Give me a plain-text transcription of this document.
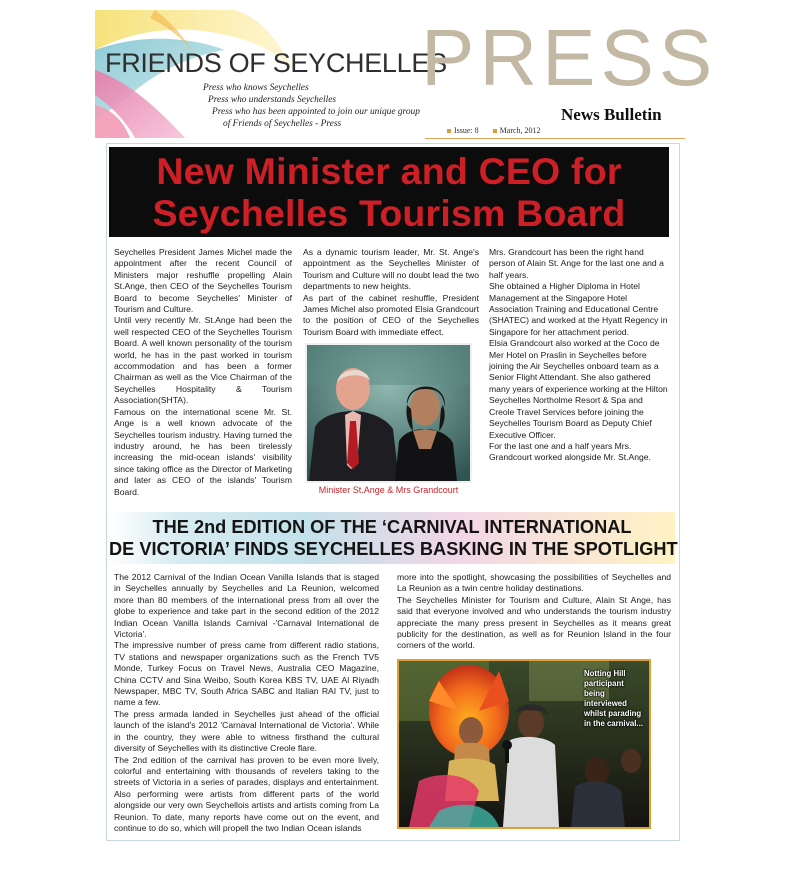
FRIENDS OF SEYCHELLES
PRESS
Press who knows Seychelles
Press who understands Seychelles
Press who has been appointed to join our unique group
of Friends of Seychelles - Press	News Bulletin
Issue: 8	March, 2012
New Minister and CEO for
Seychelles Tourism Board

Seychelles President James Michel made the appointment after the recent Council of Ministers major reshuffle propelling Alain St.Ange, then CEO of the Seychelles Tourism Board to become Seychelles' Minister of Tourism and Culture.

Until very recently Mr. St.Ange had been the well respected CEO of the Seychelles Tourism Board. A well known personality of the tourism world, he has in the past worked in tourism accommodation and has been a former Chairman as well as the Vice Chairman of the Seychelles Hospitality & Tourism Association(SHTA).

Famous on the international scene Mr. St. Ange is a well known advocate of the Seychelles tourism industry. Having turned the industry around, he has been tirelessly increasing the mid-ocean islands' visibility since taking office as the Director of Marketing and later as CEO of the islands' Tourism Board.

As a dynamic tourism leader, Mr. St. Ange's appointment as the Seychelles Minister of Tourism and Culture will no doubt lead the two departments to new heights.

As part of the cabinet reshuffle, President James Michel also promoted Elsia Grandcourt to the position of CEO of the Seychelles Tourism Board with immediate effect.

Minister St.Ange & Mrs Grandcourt

Mrs. Grandcourt has been the right hand person of Alain St. Ange for the last one and a half years.

She obtained a Higher Diploma in Hotel Management at the Singapore Hotel Association Training and Educational Centre (SHATEC) and worked at the Hyatt Regency in Singapore for her attachment period.

Elsia Grandcourt also worked at the Coco de Mer Hotel on Praslin in Seychelles before joining the Air Seychelles onboard team as a Senior Flight Attendant. She also gathered many years of experience working at the Hilton Seychelles Northolme Resort & Spa and Creole Travel Services before joining the Seychelles Tourism Board as Deputy Chief Executive Officer.

For the last one and a half years Mrs. Grandcourt worked alongside Mr. St.Ange.

THE 2nd EDITION OF THE ‘CARNIVAL INTERNATIONAL
DE VICTORIA’ FINDS SEYCHELLES BASKING IN THE SPOTLIGHT

The 2012 Carnival of the Indian Ocean Vanilla Islands that is staged in Seychelles annually by Seychelles and La Reunion, welcomed more than 80 members of the international press from all over the globe to experience and take part in the second edition of the 2012 Indian Ocean Vanilla Islands Carnival -'Carnaval International de Victoria'.

The impressive number of press came from different radio stations, TV stations and newspaper organizations such as the French TV5 Monde, Turkey Focus on Travel News, Australia CEO Magazine, China CCTV and Sina Weibo, South Korea KBS TV, UAE Al Riyadh Newspaper, MBC TV, South Africa SABC and Italian RAI TV, just to name a few.

The press armada landed in Seychelles just ahead of the official launch of the island's 2012 'Carnaval International de Victoria'. While in the country, they were able to witness firsthand the cultural diversity of Seychelles with its distinctive Creole flare.

The 2nd edition of the carnival has proven to be even more lively, colorful and entertaining with thousands of revelers taking to the streets of Victoria in a series of parades, displays and entertainment. Also performing were artists from different parts of the world alongside our very own Seychellois artists and artists coming from La Reunion. To date, many reports have come out on the event, and continue to do so, which will propell the two Indian Ocean islands

more into the spotlight, showcasing the possibilities of Seychelles and La Reunion as a twin centre holiday destinations.

The Seychelles Minister for Tourism and Culture, Alain St Ange, has said that everyone involved and who understands the tourism industry appreciate the many press present in Seychelles as it means great publicity for the destination, as well as for Reunion Island in the four corners of the world.

Notting Hill participant being interviewed whilst parading in the carnival...
